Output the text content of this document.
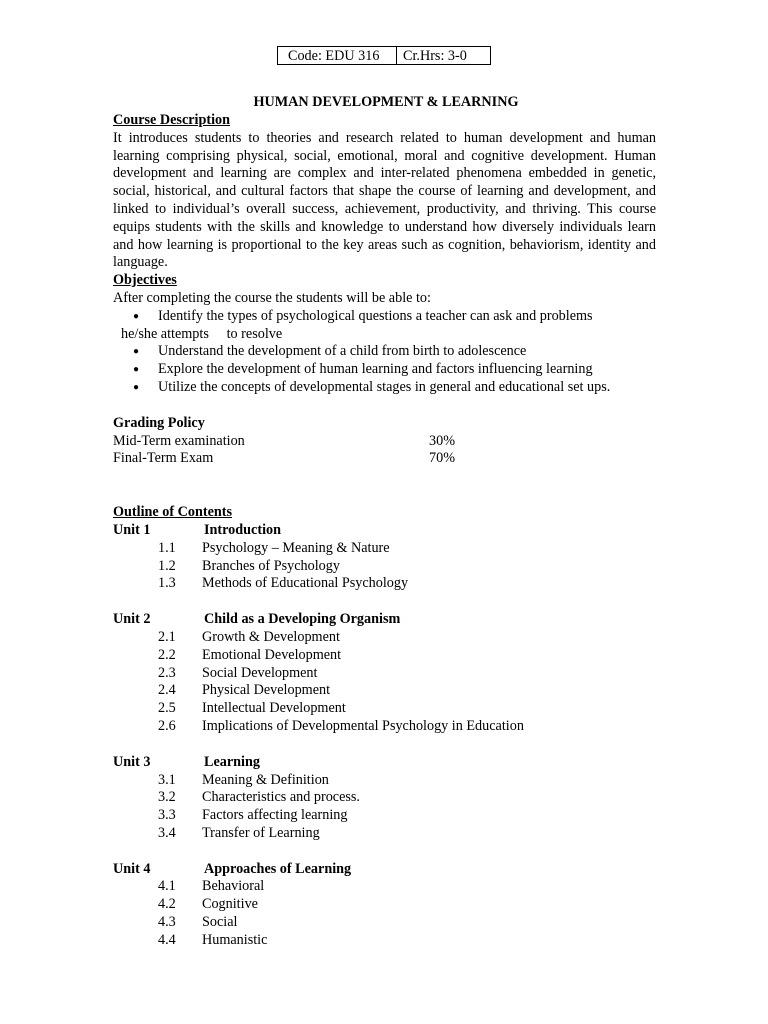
Code: EDU 316	Cr.Hrs: 3-0
HUMAN DEVELOPMENT & LEARNING
Course Description
It introduces students to theories and research related to human development and human learning comprising physical, social, emotional, moral and cognitive development. Human development and learning are complex and inter-related phenomena embedded in genetic, social, historical, and cultural factors that shape the course of learning and development, and linked to individual’s overall success, achievement, productivity, and thriving. This course equips students with the skills and knowledge to understand how diversely individuals learn and how learning is proportional to the key areas such as cognition, behaviorism, identity and language.
Objectives
After completing the course the students will be able to:
● Identify the types of psychological questions a teacher can ask and problems
he/she attempts     to resolve
● Understand the development of a child from birth to adolescence
● Explore the development of human learning and factors influencing learning
● Utilize the concepts of developmental stages in general and educational set ups.
Grading Policy
Mid-Term examination	30%
Final-Term Exam	70%
Outline of Contents
Unit 1	Introduction
1.1	Psychology – Meaning & Nature
1.2	Branches of Psychology
1.3	Methods of Educational Psychology
Unit 2	Child as a Developing Organism
2.1	Growth & Development
2.2	Emotional Development
2.3	Social Development
2.4	Physical Development
2.5	Intellectual Development
2.6	Implications of Developmental Psychology in Education
Unit 3	Learning
3.1	Meaning & Definition
3.2	Characteristics and process.
3.3	Factors affecting learning
3.4	Transfer of Learning
Unit 4	Approaches of Learning
4.1	Behavioral
4.2	Cognitive
4.3	Social
4.4	Humanistic
